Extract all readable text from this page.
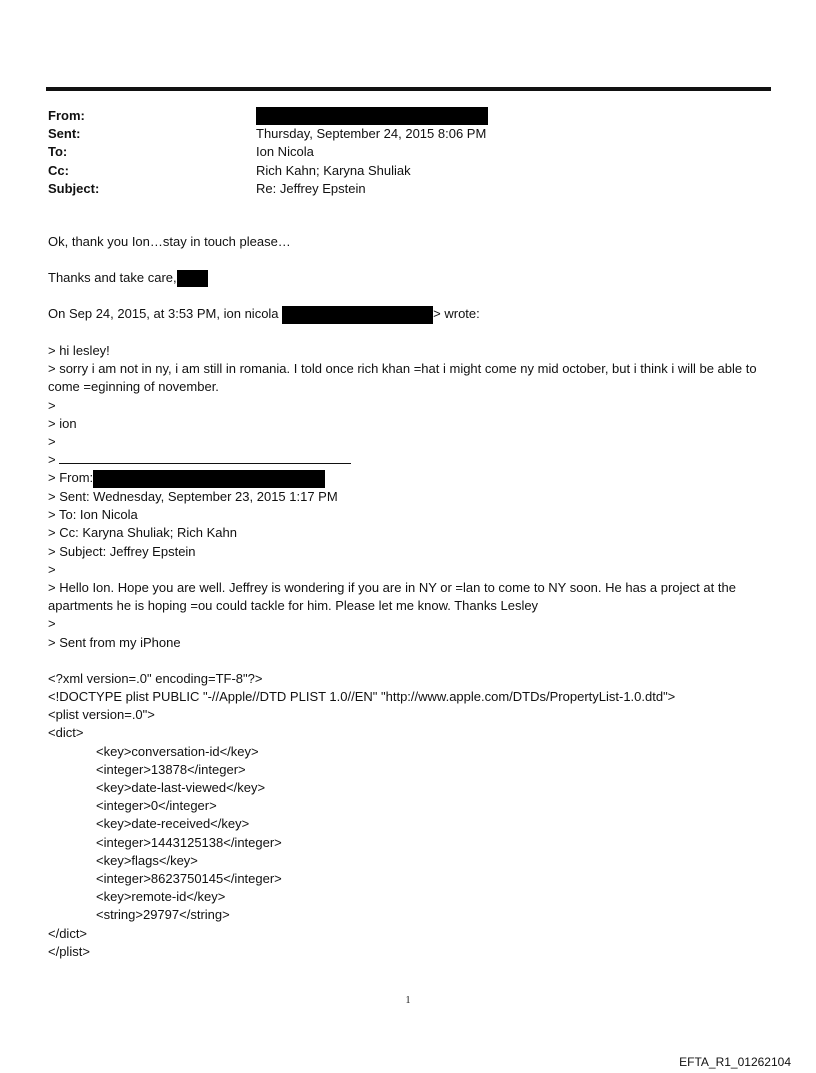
From:
Sent:	Thursday, September 24, 2015 8:06 PM
To:	Ion Nicola
Cc:	Rich Kahn; Karyna Shuliak
Subject:	Re: Jeffrey Epstein

Ok, thank you Ion…stay in touch please…

Thanks and take care,

On Sep 24, 2015, at 3:53 PM, ion nicola	> wrote:

> hi lesley!

> sorry i am not in ny, i am still in romania. I told once rich khan =hat i might come ny mid october, but i think i will be able to come =eginning of november.

>

> ion

>

>

> From:

> Sent: Wednesday, September 23, 2015 1:17 PM

> To: Ion Nicola

> Cc: Karyna Shuliak; Rich Kahn

> Subject: Jeffrey Epstein

>

> Hello Ion. Hope you are well. Jeffrey is wondering if you are in NY or =lan to come to NY soon. He has a project at the apartments he is hoping =ou could tackle for him. Please let me know. Thanks Lesley

>

> Sent from my iPhone

<?xml version=.0" encoding=TF-8"?>

<!DOCTYPE plist PUBLIC "-//Apple//DTD PLIST 1.0//EN" "http://www.apple.com/DTDs/PropertyList-1.0.dtd">

<plist version=.0">

<dict>

<key>conversation-id</key>

<integer>13878</integer>

<key>date-last-viewed</key>

<integer>0</integer>

<key>date-received</key>

<integer>1443125138</integer>

<key>flags</key>

<integer>8623750145</integer>

<key>remote-id</key>

<string>29797</string>

</dict>

</plist>

1
EFTA_R1_01262104
